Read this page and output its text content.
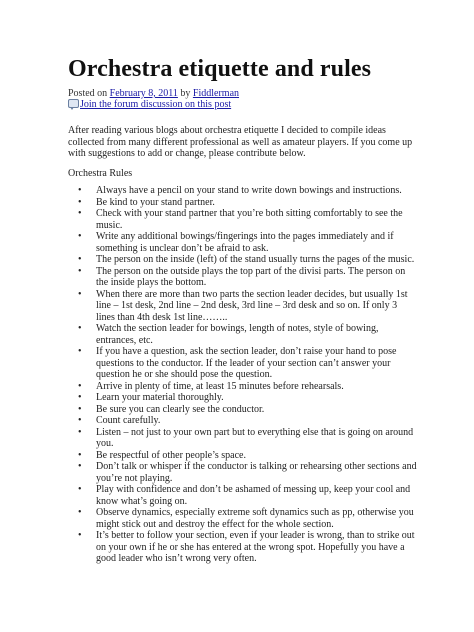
Orchestra etiquette and rules
Posted on February 8, 2011 by Fiddlerman
Join the forum discussion on this post

After reading various blogs about orchestra etiquette I decided to compile ideas collected from many different professional as well as amateur players. If you come up with suggestions to add or change, please contribute below.

Orchestra Rules
• Always have a pencil on your stand to write down bowings and instructions.
• Be kind to your stand partner.
• Check with your stand partner that you’re both sitting comfortably to see the music.
• Write any additional bowings/fingerings into the pages immediately and if something is unclear don’t be afraid to ask.
• The person on the inside (left) of the stand usually turns the pages of the music.
• The person on the outside plays the top part of the divisi parts. The person on the inside plays the bottom.
• When there are more than two parts the section leader decides, but usually 1st line – 1st desk, 2nd line – 2nd desk, 3rd line – 3rd desk and so on. If only 3 lines than 4th desk 1st line……..
• Watch the section leader for bowings, length of notes, style of bowing, entrances, etc.
• If you have a question, ask the section leader, don’t raise your hand to pose questions to the conductor. If the leader of your section can’t answer your question he or she should pose the question.
• Arrive in plenty of time, at least 15 minutes before rehearsals.
• Learn your material thoroughly.
• Be sure you can clearly see the conductor.
• Count carefully.
• Listen – not just to your own part but to everything else that is going on around you.
• Be respectful of other people’s space.
• Don’t talk or whisper if the conductor is talking or rehearsing other sections and you’re not playing.
• Play with confidence and don’t be ashamed of messing up, keep your cool and know what’s going on.
• Observe dynamics, especially extreme soft dynamics such as pp, otherwise you might stick out and destroy the effect for the whole section.
• It’s better to follow your section, even if your leader is wrong, than to strike out on your own if he or she has entered at the wrong spot. Hopefully you have a good leader who isn’t wrong very often.
